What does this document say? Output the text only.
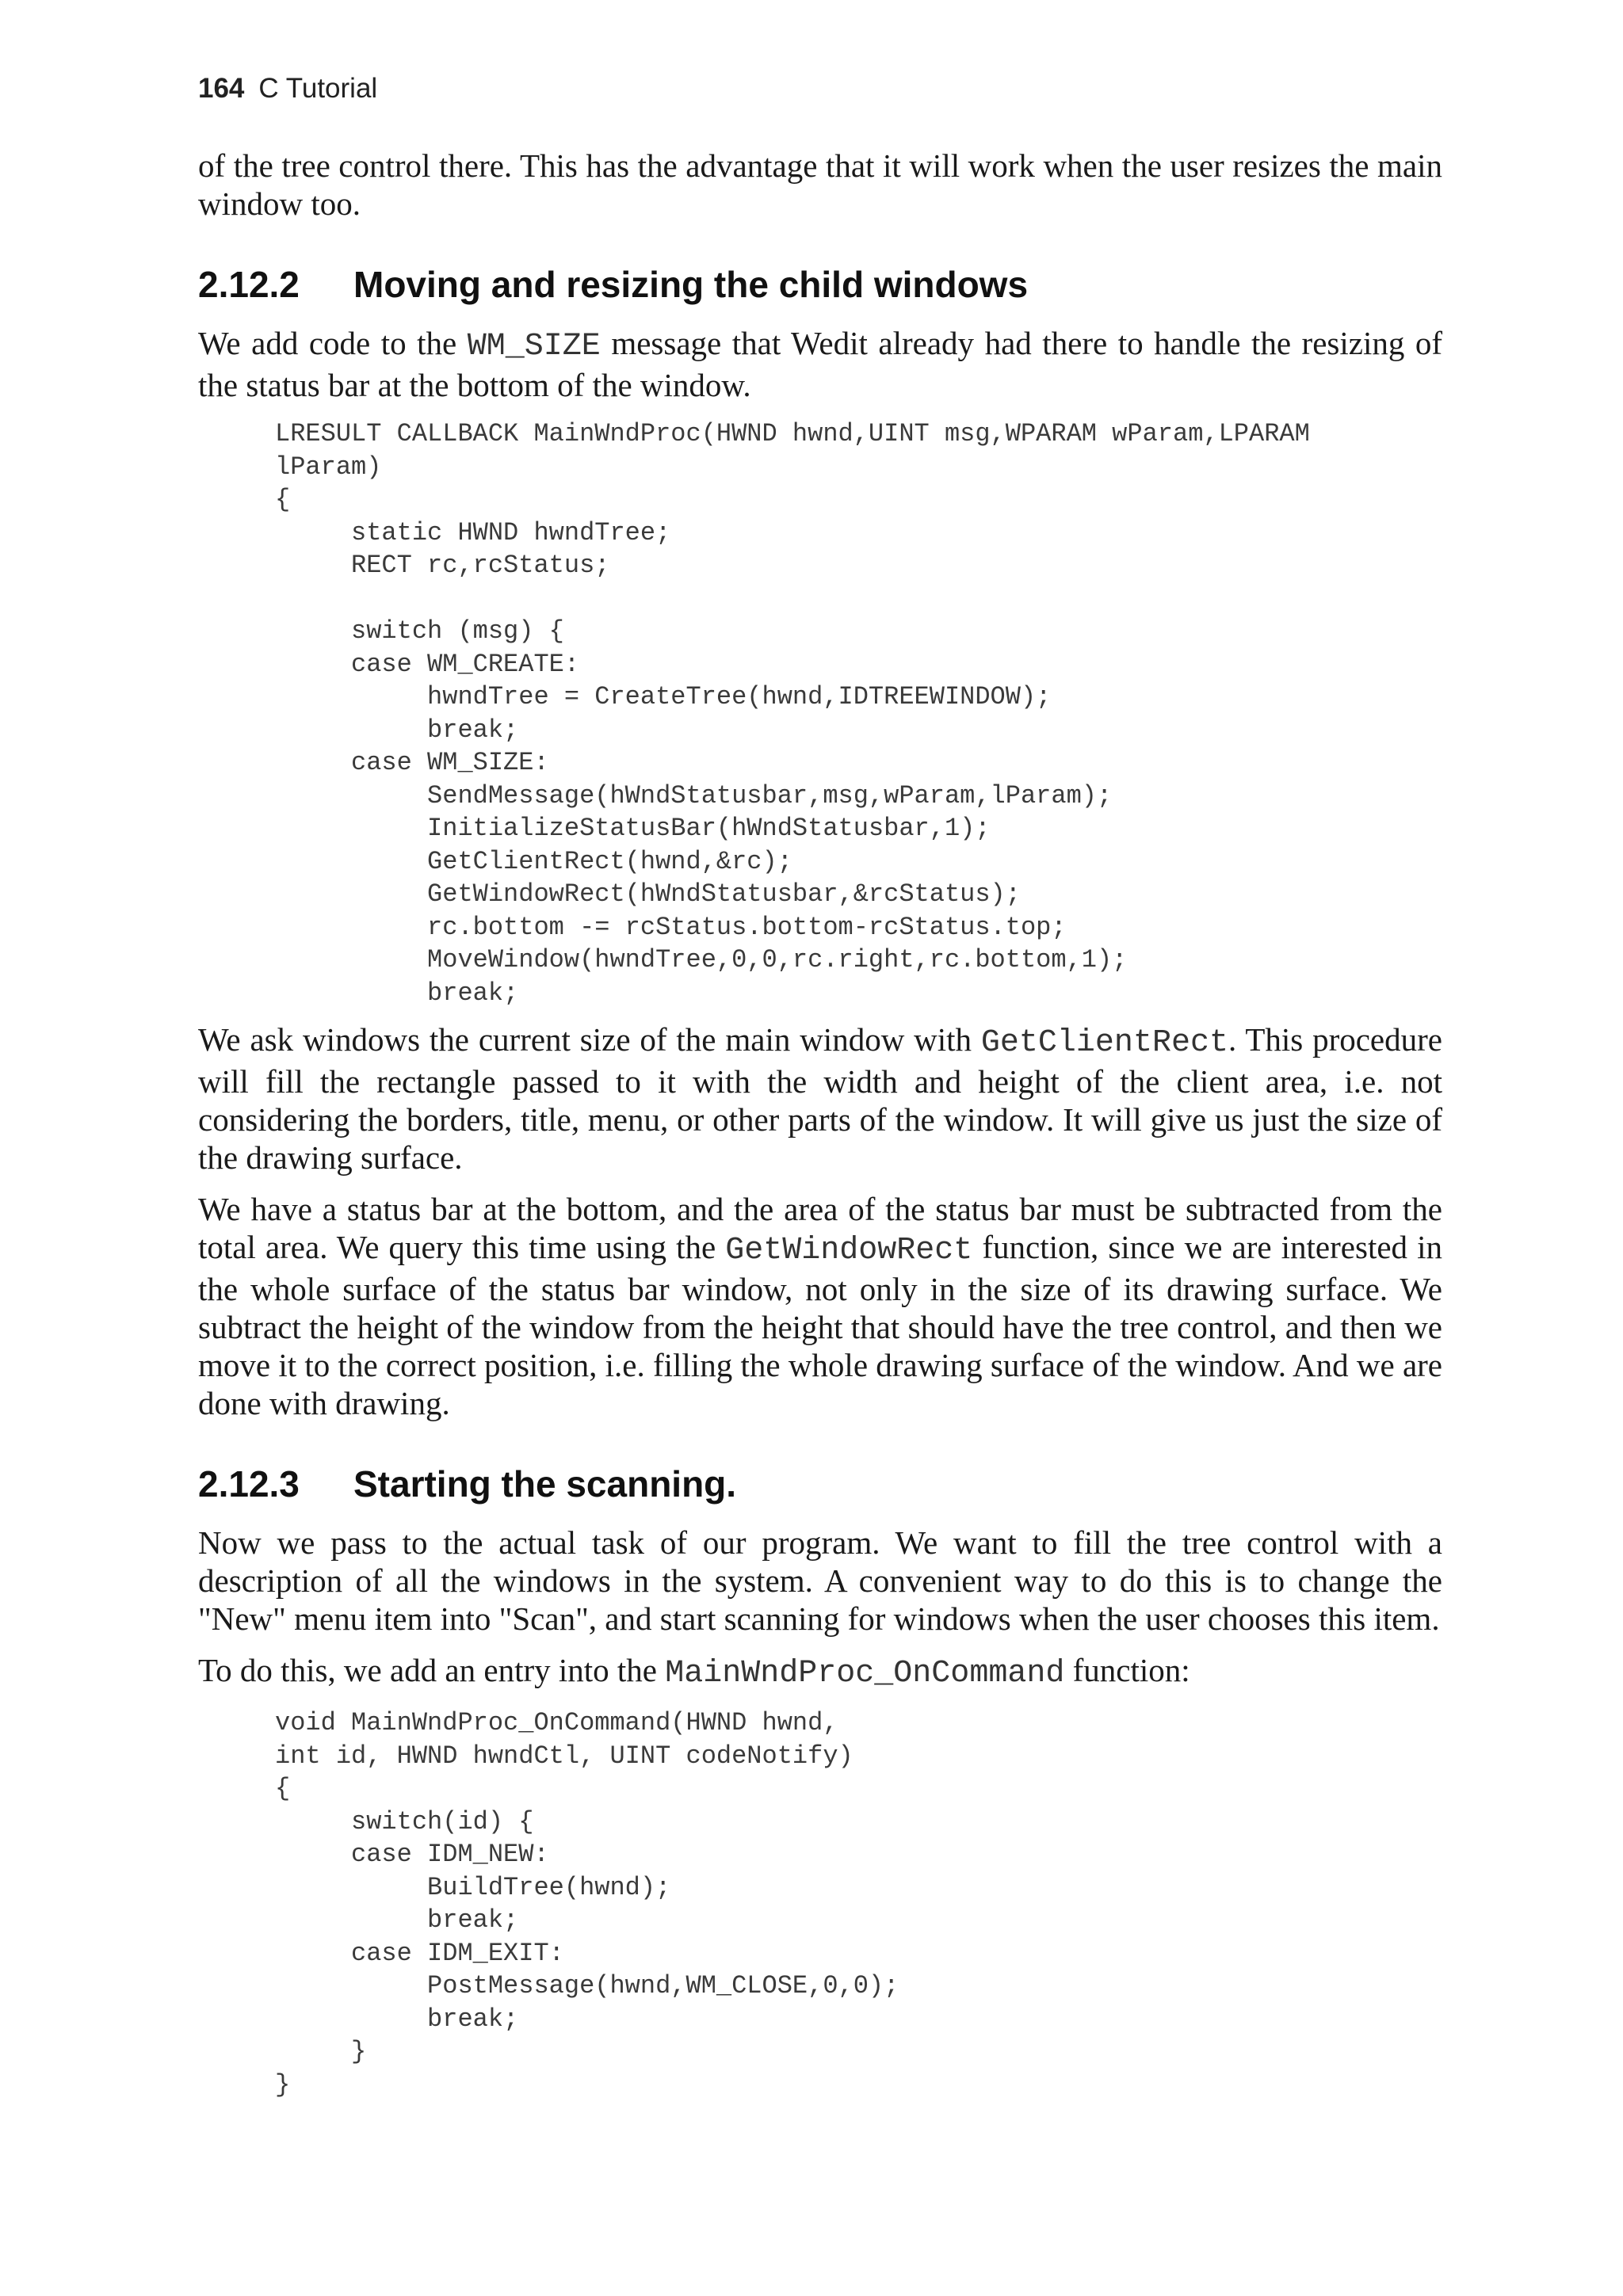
164 C Tutorial

of the tree control there. This has the advantage that it will work when the user resizes the main window too.

2.12.2 Moving and resizing the child windows

We add code to the WM_SIZE message that Wedit already had there to handle the resizing of the status bar at the bottom of the window.

LRESULT CALLBACK MainWndProc(HWND hwnd,UINT msg,WPARAM wParam,LPARAM
lParam)
{
static HWND hwndTree;
RECT rc,rcStatus;

switch (msg) {
case WM_CREATE:
hwndTree = CreateTree(hwnd,IDTREEWINDOW);
break;
case WM_SIZE:
SendMessage(hWndStatusbar,msg,wParam,lParam);
InitializeStatusBar(hWndStatusbar,1);
GetClientRect(hwnd,&rc);
GetWindowRect(hWndStatusbar,&rcStatus);
rc.bottom -= rcStatus.bottom-rcStatus.top;
MoveWindow(hwndTree,0,0,rc.right,rc.bottom,1);
break;

We ask windows the current size of the main window with GetClientRect. This procedure will fill the rectangle passed to it with the width and height of the client area, i.e. not considering the borders, title, menu, or other parts of the window. It will give us just the size of the drawing surface.

We have a status bar at the bottom, and the area of the status bar must be subtracted from the total area. We query this time using the GetWindowRect function, since we are interested in the whole surface of the status bar window, not only in the size of its drawing surface. We subtract the height of the window from the height that should have the tree control, and then we move it to the correct position, i.e. filling the whole drawing surface of the window. And we are done with drawing.

2.12.3 Starting the scanning.

Now we pass to the actual task of our program. We want to fill the tree control with a description of all the windows in the system. A convenient way to do this is to change the "New" menu item into "Scan", and start scanning for windows when the user chooses this item.

To do this, we add an entry into the MainWndProc_OnCommand function:

void MainWndProc_OnCommand(HWND hwnd,
int id, HWND hwndCtl, UINT codeNotify)
{
switch(id) {
case IDM_NEW:
BuildTree(hwnd);
break;
case IDM_EXIT:
PostMessage(hwnd,WM_CLOSE,0,0);
break;
}
}
